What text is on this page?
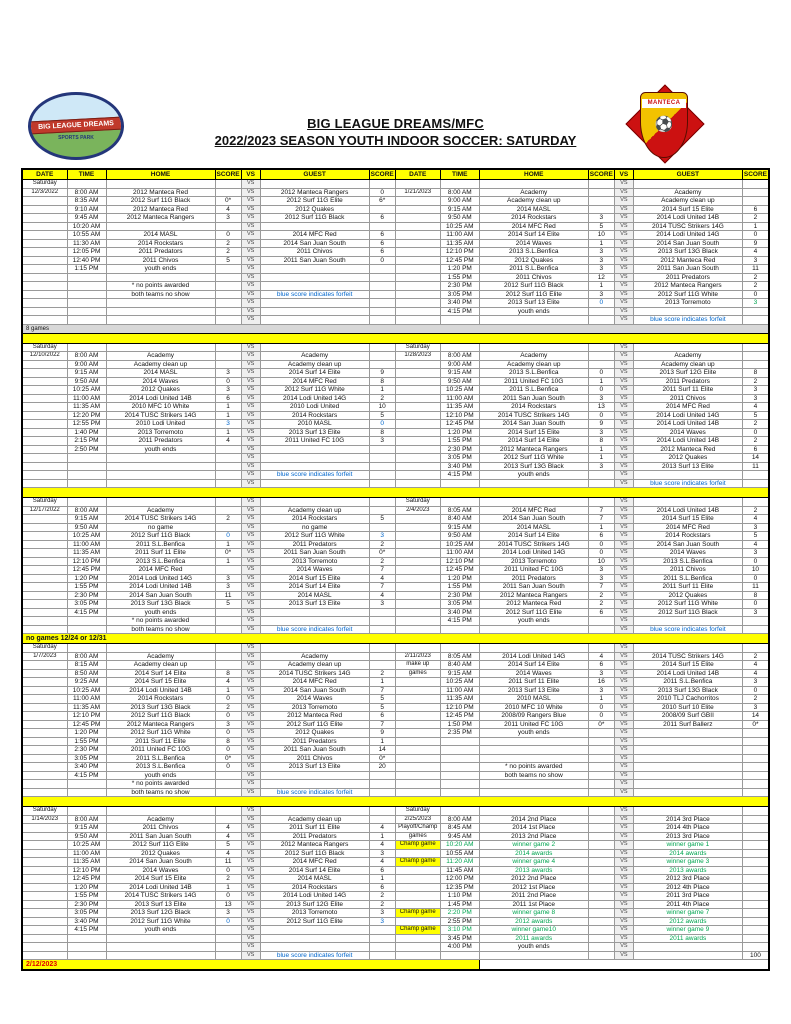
BIG LEAGUE DREAMS
SPORTS PARK
BIG LEAGUE DREAMS/MFC
2022/2023 SEASON YOUTH INDOOR SOCCER: SATURDAY
MANTECA
⚽
DATE	TIME	HOME	SCORE	VS	GUEST	SCORE	DATE	TIME	HOME	SCORE	VS	GUEST	SCORE
Saturday				VS							VS		
12/3/2022	8:00 AM	2012 Manteca Red		VS	2012 Manteca Rangers	0	1/21/2023	8:00 AM	Academy		VS	Academy	
	8:35 AM	2012 Surf 11G Black	0*	VS	2012 Surf 11G Elite	6*		9:00 AM	Academy clean up		VS	Academy clean up	
	9:10 AM	2012 Manteca Red	4	VS	2012 Quakes			9:15 AM	2014 MASL		VS	2014 Surf 15 Elite	6
	9:45 AM	2012 Manteca Rangers	3	VS	2012 Surf 11G Black	6		9:50 AM	2014 Rockstars	3	VS	2014 Lodi United 14B	2
	10:20 AM			VS				10:25 AM	2014 MFC Red	5	VS	2014 TUSC Strikers 14G	1
	10:55 AM	2014 MASL	0	VS	2014 MFC Red	6		11:00 AM	2014 Surf 14 Elite	10	VS	2014 Lodi United 14G	0
	11:30 AM	2014 Rockstars	2	VS	2014 San Juan South	6		11:35 AM	2014 Waves	1	VS	2014 San Juan South	9
	12:05 PM	2011 Predators	2	VS	2011 Chivos	6		12:10 PM	2013 S.L.Benfica	3	VS	2013 Surf 13G Black	4
	12:40 PM	2011 Chivos	5	VS	2011 San Juan South	0		12:45 PM	2012 Quakes	3	VS	2012 Manteca Red	3
	1:15 PM	youth ends		VS				1:20 PM	2011 S.L.Benfica	3	VS	2011 San Juan South	11
				VS				1:55 PM	2011 Chivos	12	VS	2011 Predators	2
		* no points awarded		VS				2:30 PM	2012 Surf 11G Black	1	VS	2012 Manteca Rangers	2
		both teams no show		VS	blue score indicates forfeit			3:05 PM	2012 Surf 11G Elite	3	VS	2012 Surf 11G White	0
				VS				3:40 PM	2013 Surf 13 Elite	0	VS	2013 Torremoto	3
				VS				4:15 PM	youth ends		VS		
				VS							VS	blue score indicates forfeit	
8 games													

Saturday				VS			Saturday				VS		
12/10/2022	8:00 AM	Academy		VS	Academy		1/28/2023	8:00 AM	Academy		VS	Academy	
	9:00 AM	Academy clean up		VS	Academy clean up			9:00 AM	Academy clean up		VS	Academy clean up	
	9:15 AM	2014 MASL	3	VS	2014 Surf 14 Elite	9		9:15 AM	2013 S.L.Benfica	0	VS	2013 Surf 12G Elite	8
	9:50 AM	2014 Waves	0	VS	2014 MFC Red	8		9:50 AM	2011 United FC 10G	1	VS	2011 Predators	2
	10:25 AM	2012 Quakes	3	VS	2012 Surf 11G White	1		10:25 AM	2011 S.L.Benfica	0	VS	2011 Surf 11 Elite	3
	11:00 AM	2014 Lodi United 14B	6	VS	2014 Lodi United 14G	2		11:00 AM	2011 San Juan South	3	VS	2011 Chivos	3
	11:35 AM	2010 MFC 10 White	1	VS	2010 Lodi United	10		11:35 AM	2014 Rockstars	13	VS	2014 MFC Red	4
	12:20 PM	2014 TUSC Strikers 14G	1	VS	2014 Rockstars	5		12:10 PM	2014 TUSC Strikers 14G	0	VS	2014 Lodi United 14G	5
	12:55 PM	2010 Lodi United	3	VS	2010 MASL	0		12:45 PM	2014 San Juan South	9	VS	2014 Lodi United 14B	2
	1:40 PM	2013 Torremoto	1	VS	2013 Surf 13 Elite	8		1:20 PM	2014 Surf 15 Elite	3	VS	2014 Waves	0
	2:15 PM	2011 Predators	4	VS	2011 United FC 10G	3		1:55 PM	2014 Surf 14 Elite	8	VS	2014 Lodi United 14B	2
	2:50 PM	youth ends		VS				2:30 PM	2012 Manteca Rangers	1	VS	2012 Manteca Red	6
				VS				3:05 PM	2012 Surf 11G White	1	VS	2012 Quakes	14
				VS				3:40 PM	2013 Surf 13G Black	3	VS	2013 Surf 13 Elite	11
				VS	blue score indicates forfeit			4:15 PM	youth ends		VS		
				VS							VS	blue score indicates forfeit	

Saturday				VS			Saturday				VS		
12/17/2022	8:00 AM	Academy		VS	Academy clean up		2/4/2023	8:05 AM	2014 MFC Red	7	VS	2014 Lodi United 14B	2
	9:15 AM	2014 TUSC Strikers 14G	2	VS	2014 Rockstars	5		8:40 AM	2014 San Juan South	7	VS	2014 Surf 15 Elite	4
	9:50 AM	no game		VS	no game			9:15 AM	2014 MASL	1	VS	2014 MFC Red	3
	10:25 AM	2012 Surf 11G Black	0	VS	2012 Surf 11G White	3		9:50 AM	2014 Surf 14 Elite	6	VS	2014 Rockstars	5
	11:00 AM	2011 S.L.Benfica	1	VS	2011 Predators	2		10:25 AM	2014 TUSC Strikers 14G	0	VS	2014 San Juan South	4
	11:35 AM	2011 Surf 11 Elite	0*	VS	2011 San Juan South	0*		11:00 AM	2014 Lodi United 14G	0	VS	2014 Waves	3
	12:10 PM	2013 S.L.Benfica	1	VS	2013 Torremoto	2		12:10 PM	2013 Torremoto	10	VS	2013 S.L.Benfica	0
	12:45 PM	2014 MFC Red		VS	2014 Waves	7		12:45 PM	2011 United FC 10G	3	VS	2011 Chivos	10
	1:20 PM	2014 Lodi United 14G	3	VS	2014 Surf 15 Elite	4		1:20 PM	2011 Predators	3	VS	2011 S.L.Benfica	0
	1:55 PM	2014 Lodi United 14B	3	VS	2014 Surf 14 Elite	7		1:55 PM	2011 San Juan South	7	VS	2011 Surf 11 Elite	11
	2:30 PM	2014 San Juan South	11	VS	2014 MASL	4		2:30 PM	2012 Manteca Rangers	2	VS	2012 Quakes	8
	3:05 PM	2013 Surf 13G Black	5	VS	2013 Surf 13 Elite	3		3:05 PM	2012 Manteca Red	2	VS	2012 Surf 11G White	0
	4:15 PM	youth ends		VS				3:40 PM	2012 Surf 11G Elite	6	VS	2012 Surf 11G Black	3
		* no points awarded		VS				4:15 PM	youth ends		VS		
		both teams no show		VS	blue score indicates forfeit						VS	blue score indicates forfeit	
no games 12/24 or 12/31													
Saturday				VS							VS		
1/7/2023	8:00 AM	Academy		VS	Academy		2/11/2023	8:05 AM	2014 Lodi United 14G	4	VS	2014 TUSC Strikers 14G	2
	8:15 AM	Academy clean up		VS	Academy clean up		make up	8:40 AM	2014 Surf 14 Elite	6	VS	2014 Surf 15 Elite	4
	8:50 AM	2014 Surf 14 Elite	8	VS	2014 TUSC Strikers 14G	2	games	9:15 AM	2014 Waves	3	VS	2014 Lodi United 14B	4
	9:25 AM	2014 Surf 15 Elite	4	VS	2014 MFC Red	1		10:25 AM	2011 Surf 11 Elite	16	VS	2011 S.L.Benfica	3
	10:25 AM	2014 Lodi United 14B	1	VS	2014 San Juan South	7		11:00 AM	2013 Surf 13 Elite	3	VS	2013 Surf 13G Black	0
	11:00 AM	2014 Rockstars	0	VS	2014 Waves	5		11:35 AM	2010 MASL	1	VS	2010 TLJ Cachorritos	2
	11:35 AM	2013 Surf 13G Black	2	VS	2013 Torremoto	5		12:10 PM	2010 MFC 10 White	0	VS	2010 Surf 10 Elite	3
	12:10 PM	2012 Surf 11G Black	0	VS	2012 Manteca Red	6		12:45 PM	2008/09 Rangers Blue	0	VS	2008/09 Surf GBII	14
	12:45 PM	2012 Manteca Rangers	3	VS	2012 Surf 11G Elite	7		1:50 PM	2011 United FC 10G	0*	VS	2011 Surf Ballerz	0*
	1:20 PM	2012 Surf 11G White	0	VS	2012 Quakes	9		2:35 PM	youth ends		VS		
	1:55 PM	2011 Surf 11 Elite	8	VS	2011 Predators	1					VS		
	2:30 PM	2011 United FC 10G	0	VS	2011 San Juan South	14					VS		
	3:05 PM	2011 S.L.Benfica	0*	VS	2011 Chivos	0*					VS		
	3:40 PM	2013 S.L.Benfica	0	VS	2013 Surf 13 Elite	20			* no points awarded		VS		
	4:15 PM	youth ends		VS					both teams no show		VS		
		* no points awarded		VS							VS		
		both teams no show		VS	blue score indicates forfeit						VS		

Saturday				VS			Saturday				VS		
1/14/2023	8:00 AM	Academy		VS	Academy clean up		2/25/2023	8:00 AM	2014 2nd Place		VS	2014 3rd Place	
	9:15 AM	2011 Chivos	4	VS	2011 Surf 11 Elite	4	Playoff/Champ	8:45 AM	2014 1st Place		VS	2014 4th Place	
	9:50 AM	2011 San Juan South	4	VS	2011 Predators	1	games	9:45 AM	2013 2nd Place		VS	2013 3rd Place	
	10:25 AM	2012 Surf 11G Elite	5	VS	2012 Manteca Rangers	4	Champ game	10:20 AM	winner game 2		VS	winner game 1	
	11:00 AM	2012 Quakes	4	VS	2012 Surf 11G Black	3		10:55 AM	2014 awards		VS	2014 awards	
	11:35 AM	2014 San Juan South	11	VS	2014 MFC Red	4	Champ game	11:20 AM	winner game 4		VS	winner game 3	
	12:10 PM	2014 Waves	0	VS	2014 Surf 14 Elite	6		11:45 AM	2013 awards		VS	2013 awards	
	12:45 PM	2014 Surf 15 Elite	2	VS	2014 MASL	1		12:00 PM	2012 2nd Place		VS	2012 3rd Place	
	1:20 PM	2014 Lodi United 14B	1	VS	2014 Rockstars	6		12:35 PM	2012 1st Place		VS	2012 4th Place	
	1:55 PM	2014 TUSC Strikers 14G	0	VS	2014 Lodi United 14G	2		1:10 PM	2011 2nd Place		VS	2011 3rd Place	
	2:30 PM	2013 Surf 13 Elite	13	VS	2013 Surf 12G Elite	2		1:45 PM	2011 1st Place		VS	2011 4th Place	
	3:05 PM	2013 Surf 12G Black	3	VS	2013 Torremoto	3	Champ game	2:20 PM	winner game 8		VS	winner game 7	
	3:40 PM	2012 Surf 11G White	0	VS	2012 Surf 11G Elite	3		2:55 PM	2012 awards		VS	2012 awards	
	4:15 PM	youth ends		VS			Champ game	3:10 PM	winner game10		VS	winner game 9	
				VS				3:45 PM	2011 awards		VS	2011 awards	
				VS				4:00 PM	youth ends		VS		
				VS	blue score indicates forfeit						VS		100
2/12/2023													
